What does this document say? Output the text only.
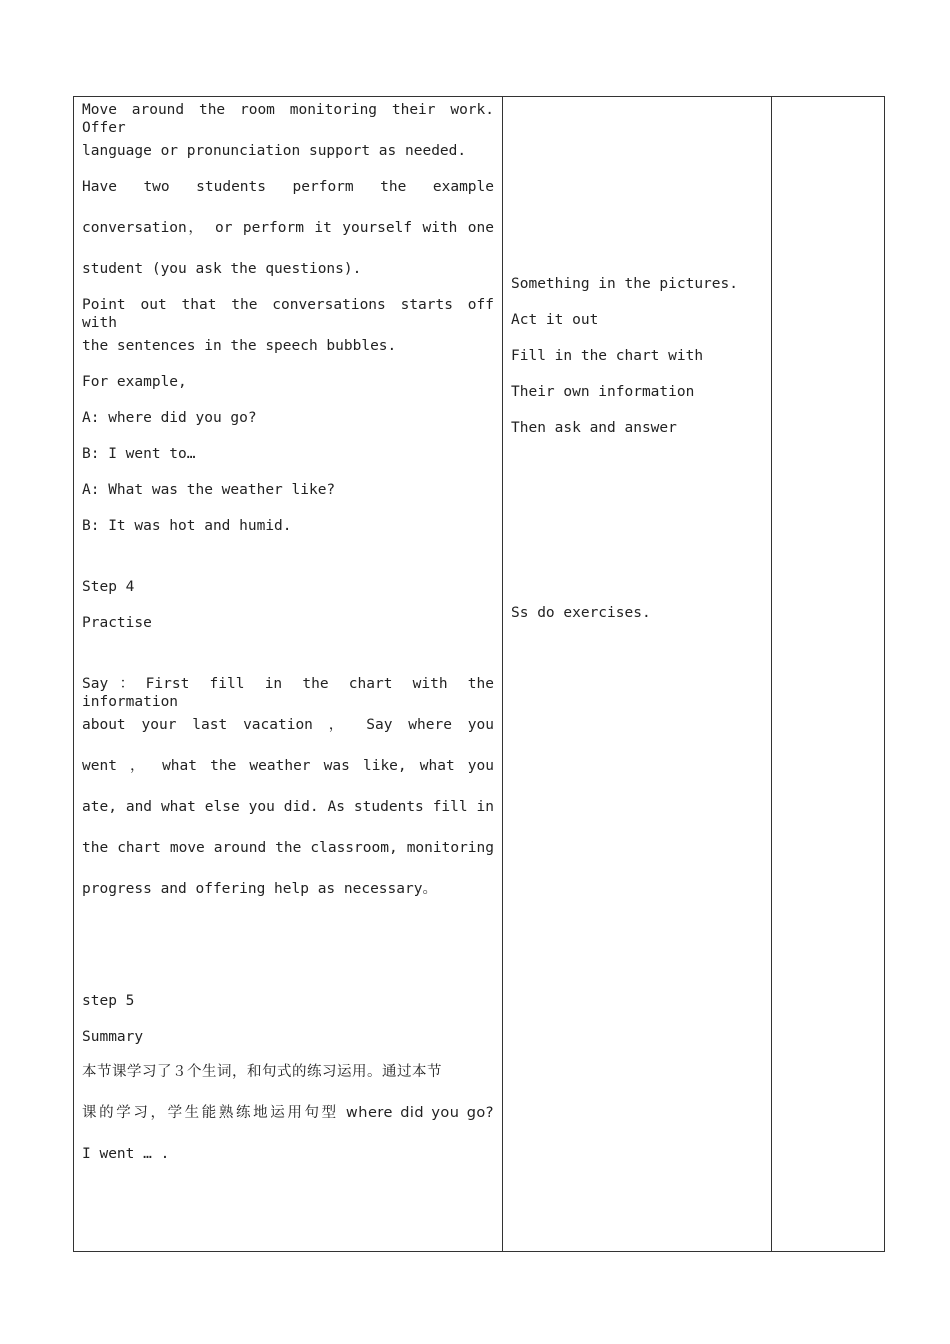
Move around the room monitoring their work. Offer

language or pronunciation support as needed.

Have two students perform the example

conversation， or perform it yourself with one

student (you ask the questions).

Point out that the conversations starts off with

the sentences in the speech bubbles.

For example,

A: where did you go?

B: I went to…

A: What was the weather like?

B: It was hot and humid.

Step 4

Practise

Say：First fill in the chart with the information

about your last vacation ， Say where you

went ， what the weather was like, what you

ate, and what else you did. As students fill in

the chart move around the classroom, monitoring

progress and offering help as necessary。

step 5

Summary

本节课学习了３个生词，和句式的练习运用。通过本节

课的学习，学生能熟练地运用句型 where did you go?

I went … .

Something in the pictures.

Act it out

Fill in the chart with

Their own information

Then ask and answer

Ss do exercises.
